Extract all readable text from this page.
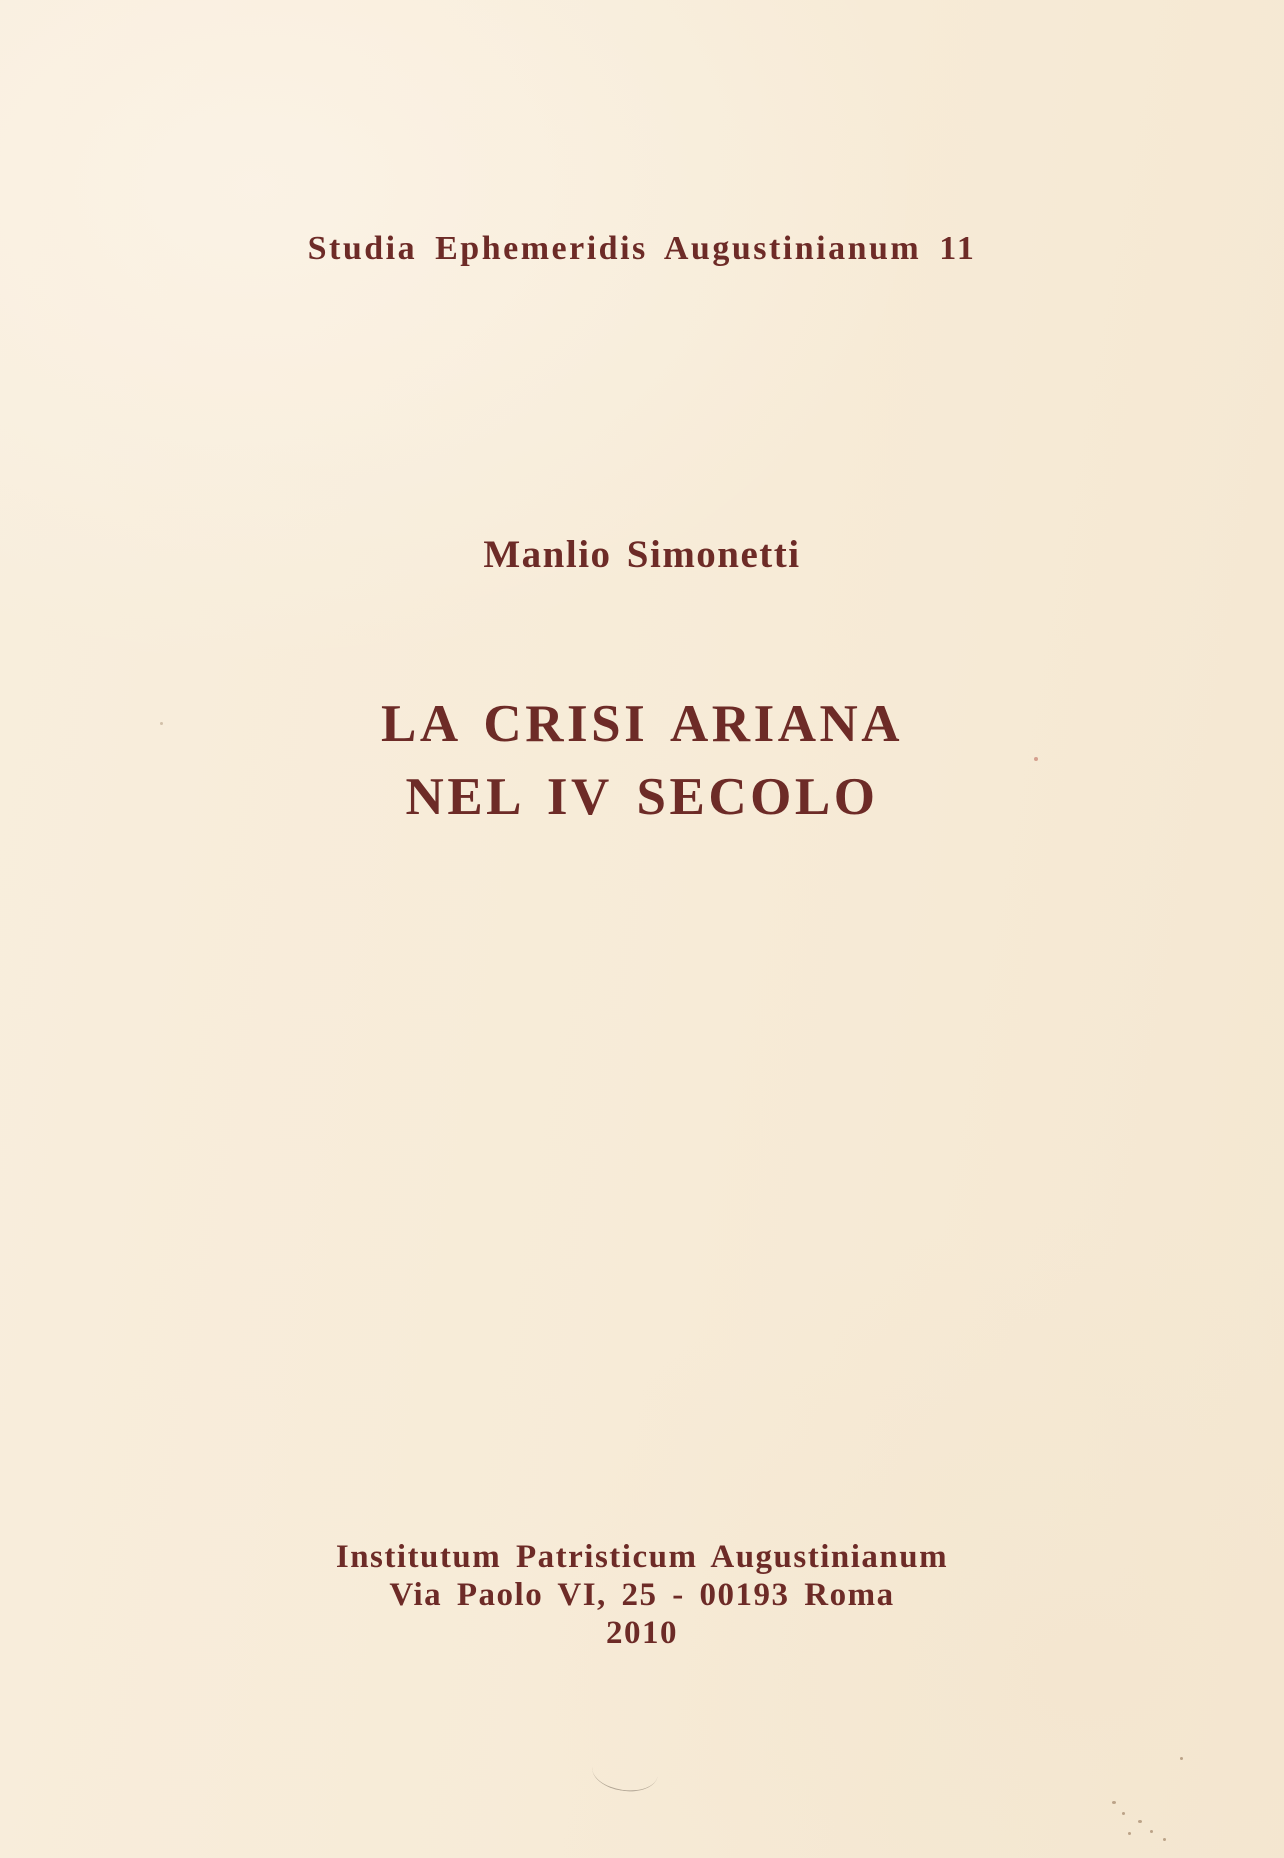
Studia Ephemeridis Augustinianum 11
Manlio Simonetti
LA CRISI ARIANA
NEL IV SECOLO
Institutum Patristicum Augustinianum
Via Paolo VI, 25 - 00193 Roma
2010
